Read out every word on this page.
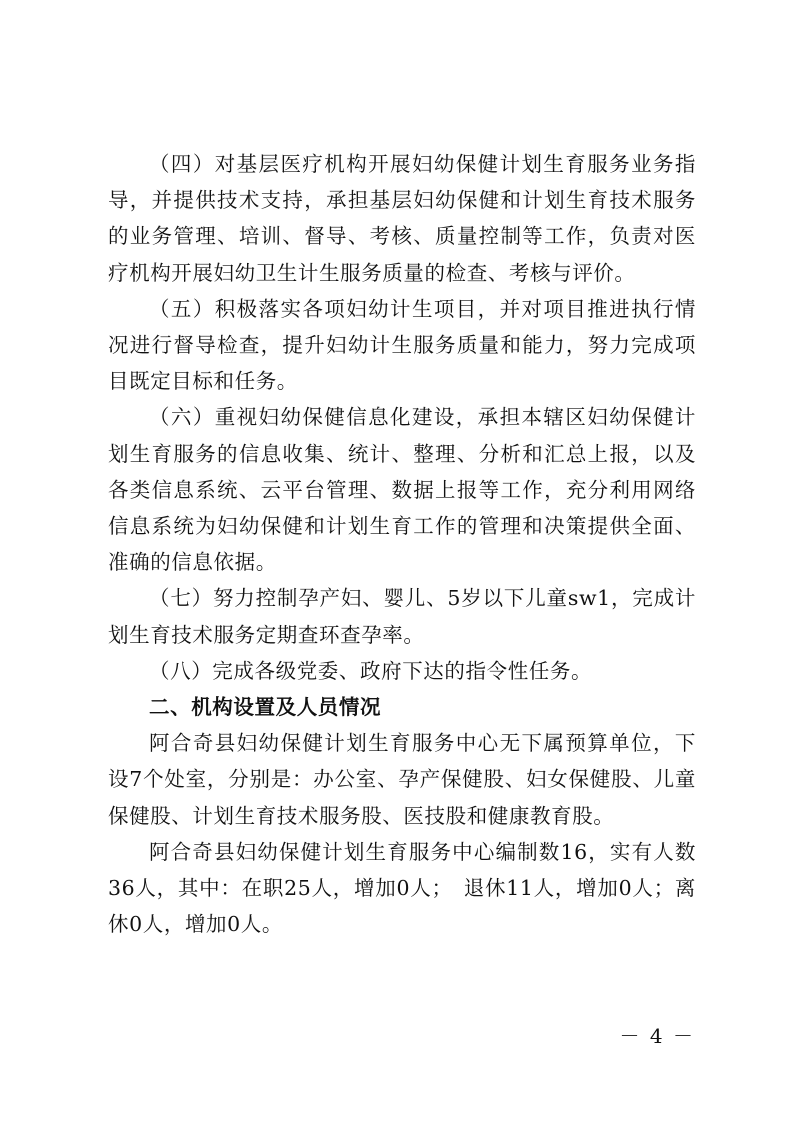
（四）对基层医疗机构开展妇幼保健计划生育服务业务指导，并提供技术支持，承担基层妇幼保健和计划生育技术服务的业务管理、培训、督导、考核、质量控制等工作，负责对医疗机构开展妇幼卫生计生服务质量的检查、考核与评价。

（五）积极落实各项妇幼计生项目，并对项目推进执行情况进行督导检查，提升妇幼计生服务质量和能力，努力完成项目既定目标和任务。

（六）重视妇幼保健信息化建设，承担本辖区妇幼保健计划生育服务的信息收集、统计、整理、分析和汇总上报，以及各类信息系统、云平台管理、数据上报等工作，充分利用网络信息系统为妇幼保健和计划生育工作的管理和决策提供全面、准确的信息依据。

（七）努力控制孕产妇、婴儿、5岁以下儿童sw1，完成计划生育技术服务定期查环查孕率。

（八）完成各级党委、政府下达的指令性任务。

二、机构设置及人员情况

阿合奇县妇幼保健计划生育服务中心无下属预算单位，下设7个处室，分别是：办公室、孕产保健股、妇女保健股、儿童保健股、计划生育技术服务股、医技股和健康教育股。

阿合奇县妇幼保健计划生育服务中心编制数16，实有人数36人，其中：在职25人，增加0人；　退休11人，增加0人；离休0人，增加0人。

－ 4 －
